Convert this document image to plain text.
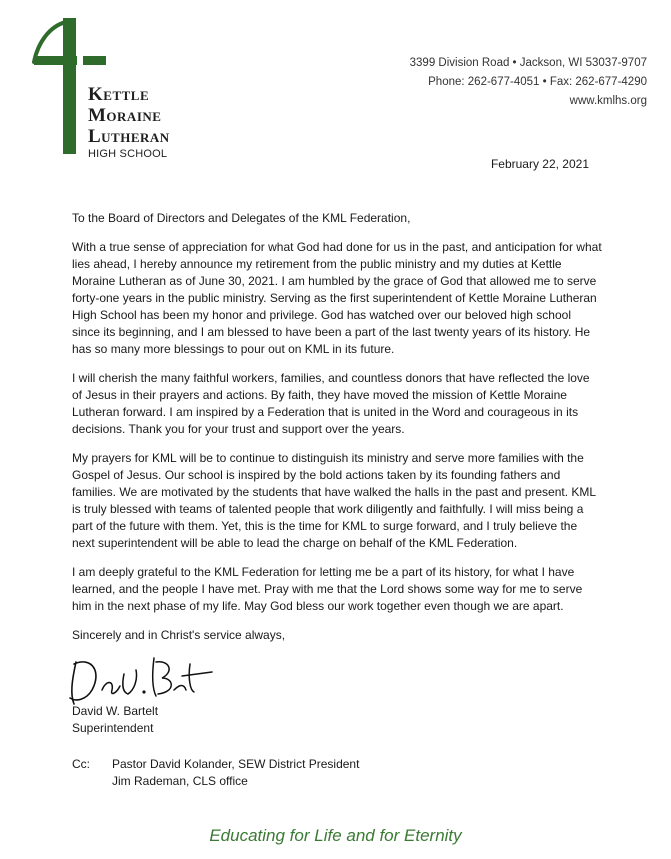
Kettle
Moraine
Lutheran
HIGH SCHOOL
3399 Division Road • Jackson, WI 53037-9707
Phone: 262-677-4051 • Fax: 262-677-4290
www.kmlhs.org
February 22, 2021

To the Board of Directors and Delegates of the KML Federation,

With a true sense of appreciation for what God had done for us in the past, and anticipation for what lies ahead, I hereby announce my retirement from the public ministry and my duties at Kettle Moraine Lutheran as of June 30, 2021. I am humbled by the grace of God that allowed me to serve forty-one years in the public ministry. Serving as the first superintendent of Kettle Moraine Lutheran High School has been my honor and privilege. God has watched over our beloved high school since its beginning, and I am blessed to have been a part of the last twenty years of its history. He has so many more blessings to pour out on KML in its future.

I will cherish the many faithful workers, families, and countless donors that have reflected the love of Jesus in their prayers and actions. By faith, they have moved the mission of Kettle Moraine Lutheran forward. I am inspired by a Federation that is united in the Word and courageous in its decisions. Thank you for your trust and support over the years.

My prayers for KML will be to continue to distinguish its ministry and serve more families with the Gospel of Jesus. Our school is inspired by the bold actions taken by its founding fathers and families. We are motivated by the students that have walked the halls in the past and present. KML is truly blessed with teams of talented people that work diligently and faithfully. I will miss being a part of the future with them. Yet, this is the time for KML to surge forward, and I truly believe the next superintendent will be able to lead the charge on behalf of the KML Federation.

I am deeply grateful to the KML Federation for letting me be a part of its history, for what I have learned, and the people I have met. Pray with me that the Lord shows some way for me to serve him in the next phase of my life. May God bless our work together even though we are apart.

Sincerely and in Christ's service always,

David W. Bartelt
Superintendent
Cc:	Pastor David Kolander, SEW District President
Jim Rademan, CLS office
Educating for Life and for Eternity
